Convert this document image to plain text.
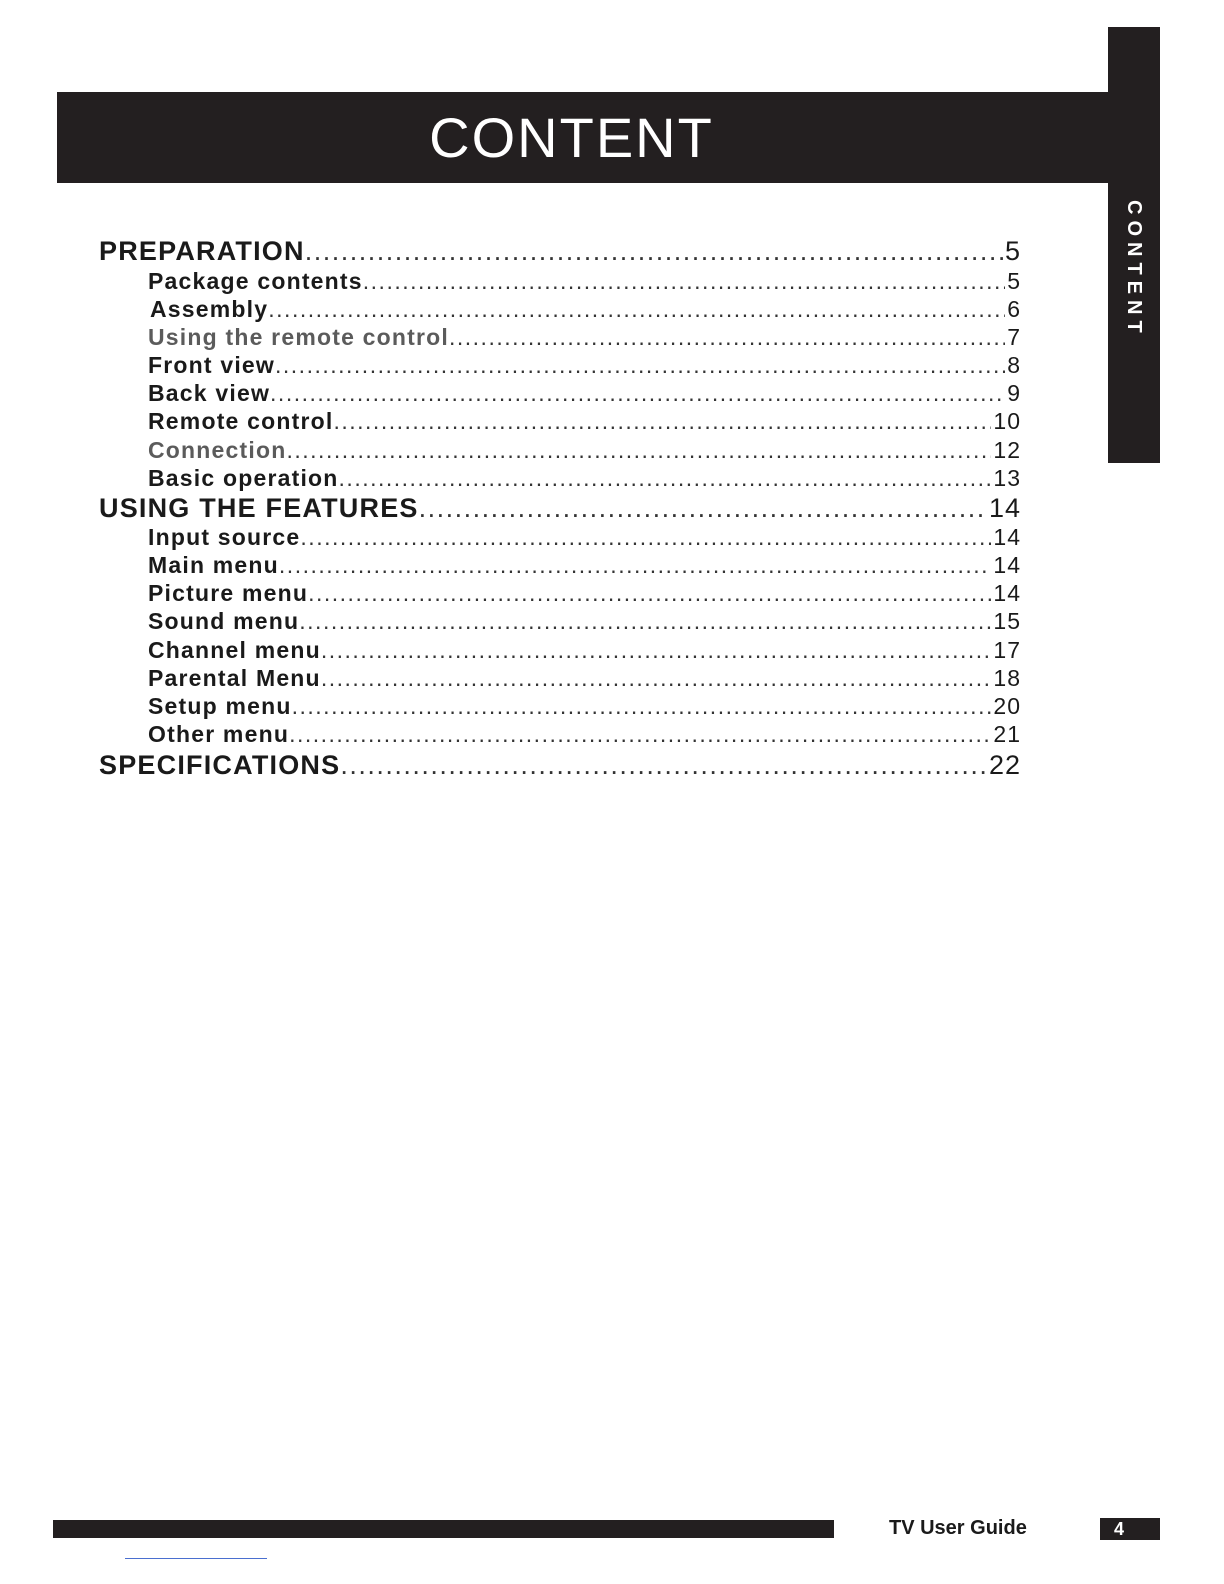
CONTENT
CONTENT
PREPARATION .....	5
Package contents .....	5
Assembly .....	6
Using the remote control .....	7
Front view .....	8
Back view .....	9
Remote control .....	10
Connection .....	12
Basic operation .....	13
USING THE FEATURES .....	14
Input source .....	14
Main menu .....	14
Picture menu .....	14
Sound menu .....	15
Channel menu .....	17
Parental Menu .....	18
Setup menu .....	20
Other menu .....	21
SPECIFICATIONS .....	22
TV User Guide	4
